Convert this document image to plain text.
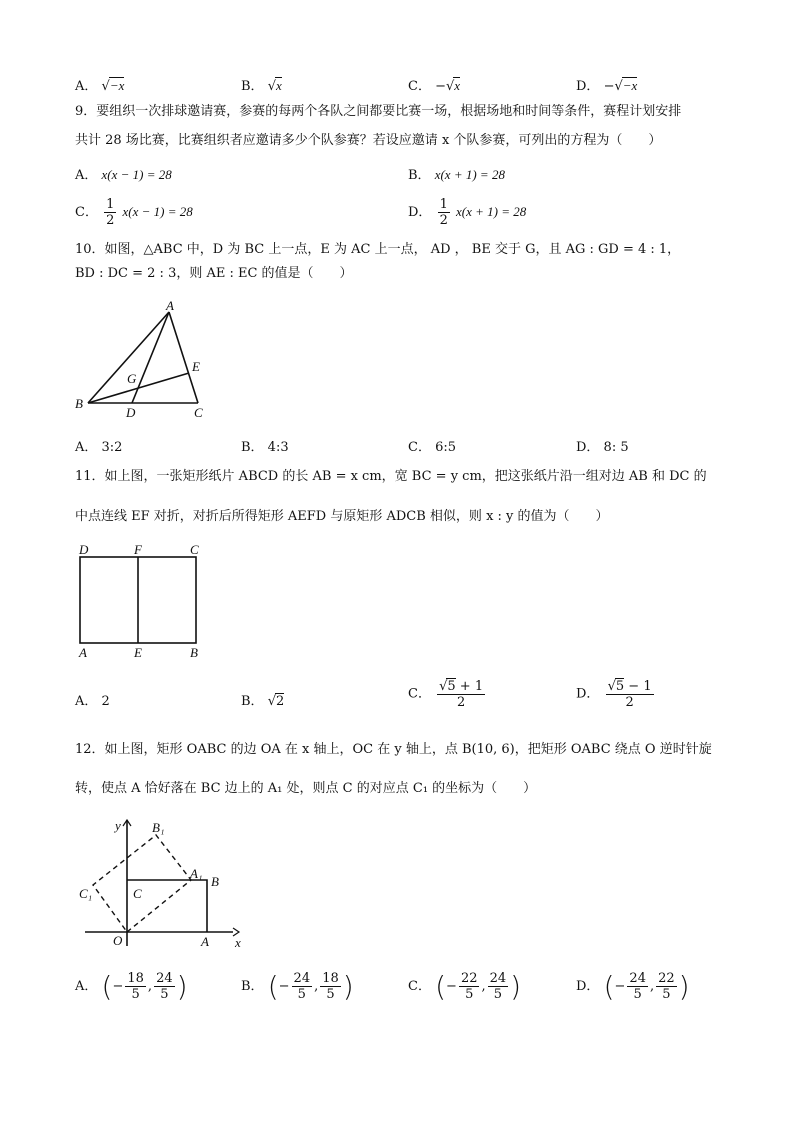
A． √−x	B． √x	C． −√x	D． −√−x
9．要组织一次排球邀请赛，参赛的每两个各队之间都要比赛一场，根据场地和时间等条件，赛程计划安排
共计 28 场比赛，比赛组织者应邀请多少个队参赛？若设应邀请 x 个队参赛，可列出的方程为（　　）
A． x(x − 1) = 28	B． x(x + 1) = 28
C． $\frac{1}{2} x(x - 1) = 28$	D． $\frac{1}{2} x(x + 1) = 28$
10．如图，△ABC 中，D 为 BC 上一点，E 为 AC 上一点， AD ， BE 交于 G，且 AG : GD = 4 : 1，
BD : DC = 2 : 3，则 AE : EC 的值是（　　）
A
B
C
D
E
G
A． 3:2	B． 4:3	C． 6:5	D． 8: 5
11．如上图，一张矩形纸片 ABCD 的长 AB = x cm，宽 BC = y cm，把这张纸片沿一组对边 AB 和 DC 的
中点连线 EF 对折，对折后所得矩形 AEFD 与原矩形 ADCB 相似，则 x : y 的值为（　　）
D	F	C
A	E	B
A． 2	B． √2	C． $\frac{√5 + 1}{2}$	D． $\frac{√5 - 1}{2}$
12．如上图，矩形 OABC 的边 OA 在 x 轴上，OC 在 y 轴上，点 B(10, 6)，把矩形 OABC 绕点 O 逆时针旋
转，使点 A 恰好落在 BC 边上的 A₁ 处，则点 C 的对应点 C₁ 的坐标为（　　）
y
x
O	A
B
C
A₁
B₁
C₁
A． (− $\frac{18}{5}$ , $\frac{24}{5}$ )	B． (− $\frac{24}{5}$ , $\frac{18}{5}$ )	C． (− $\frac{22}{5}$ , $\frac{24}{5}$ )	D． (− $\frac{24}{5}$ , $\frac{22}{5}$ )
